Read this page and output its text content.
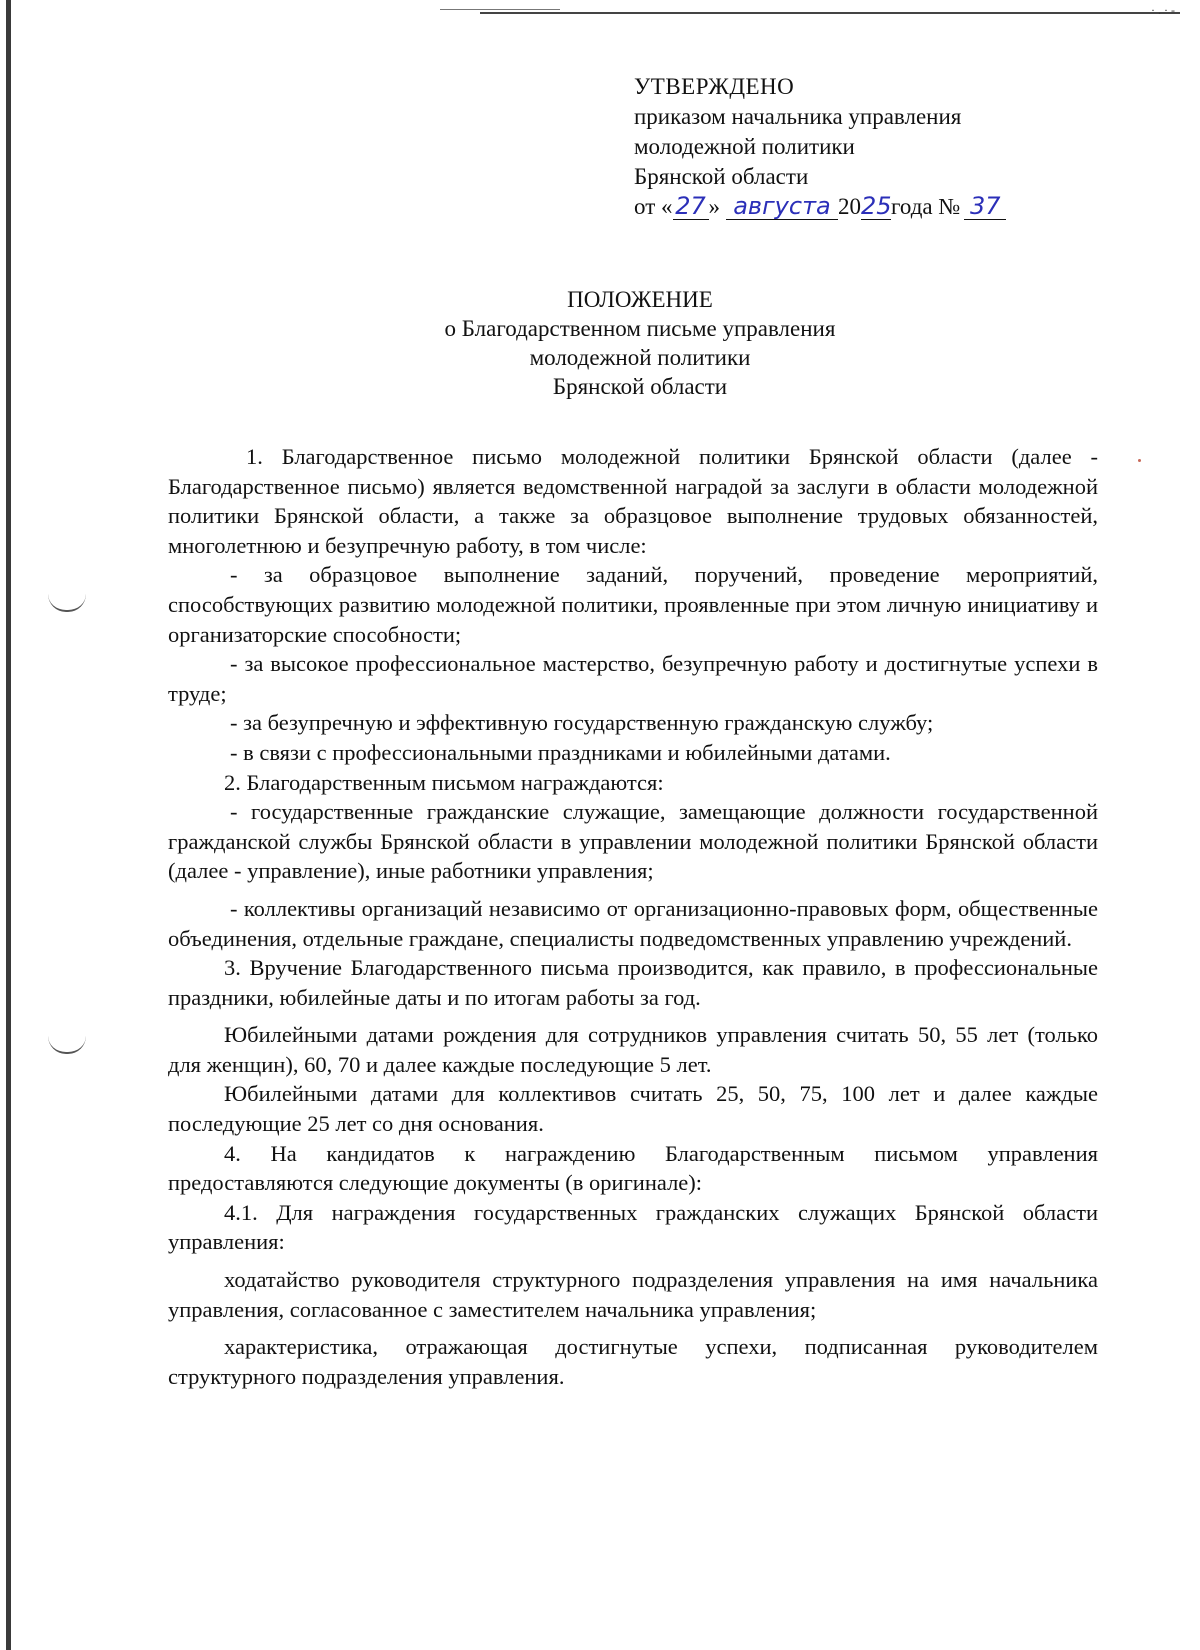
·.·-
УТВЕРЖДЕНО
приказом начальника управления
молодежной политики
Брянской области
от « 27 » августа 2025года № 37
ПОЛОЖЕНИЕ
о Благодарственном письме управления
молодежной политики
Брянской области
1. Благодарственное письмо молодежной политики Брянской области (далее - Благодарственное письмо) является ведомственной наградой за заслуги в области молодежной политики Брянской области, а также за образцовое выполнение трудовых обязанностей, многолетнюю и безупречную работу, в том числе:
- за образцовое выполнение заданий, поручений, проведение мероприятий, способствующих развитию молодежной политики, проявленные при этом личную инициативу и организаторские способности;
- за высокое профессиональное мастерство, безупречную работу и достигнутые успехи в труде;
- за безупречную и эффективную государственную гражданскую службу;
- в связи с профессиональными праздниками и юбилейными датами.
2. Благодарственным письмом награждаются:
- государственные гражданские служащие, замещающие должности государственной гражданской службы Брянской области в управлении молодежной политики Брянской области (далее - управление), иные работники управления;
- коллективы организаций независимо от организационно-правовых форм, общественные объединения, отдельные граждане, специалисты подведомственных управлению учреждений.
3. Вручение Благодарственного письма производится, как правило, в профессиональные праздники, юбилейные даты и по итогам работы за год.
Юбилейными датами рождения для сотрудников управления считать 50, 55 лет (только для женщин), 60, 70 и далее каждые последующие 5 лет.
Юбилейными датами для коллективов считать 25, 50, 75, 100 лет и далее каждые последующие 25 лет со дня основания.
4. На кандидатов к награждению Благодарственным письмом управления предоставляются следующие документы (в оригинале):
4.1. Для награждения государственных гражданских служащих Брянской области управления:
ходатайство руководителя структурного подразделения управления на имя начальника управления, согласованное с заместителем начальника управления;
характеристика, отражающая достигнутые успехи, подписанная руководителем структурного подразделения управления.
